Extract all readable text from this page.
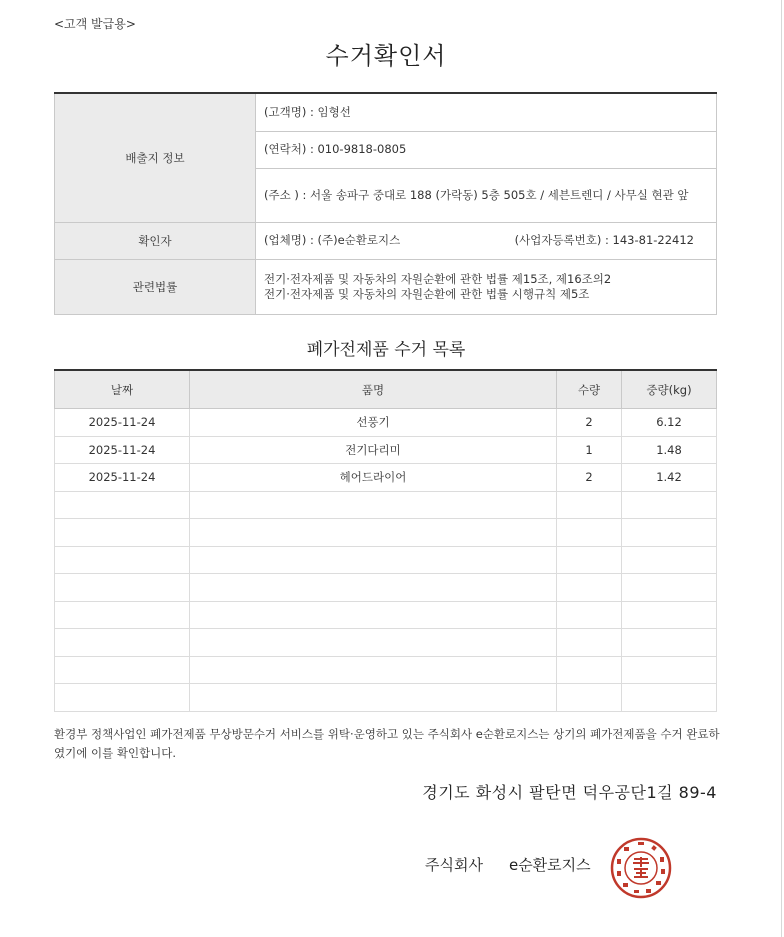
<고객 발급용>
수거확인서
배출지 정보	(고객명) : 임형선
	(연락처) : 010-9818-0805
	(주소 ) : 서울 송파구 중대로 188 (가락동) 5층 505호 / 세븐트렌디 / 사무실 현관 앞
확인자	(업체명) : (주)e순환로지스 (사업자등록번호) : 143-81-22412

관련법률	전기·전자제품 및 자동차의 자원순환에 관한 법률 제15조, 제16조의2
전기·전자제품 및 자동차의 자원순환에 관한 법률 시행규칙 제5조
폐가전제품 수거 목록
날짜	품명	수량	중량(kg)
2025-11-24	선풍기	2	6.12
2025-11-24	전기다리미	1	1.48
2025-11-24	헤어드라이어	2	1.42

환경부 정책사업인 폐가전제품 무상방문수거 서비스를 위탁·운영하고 있는 주식회사 e순환로지스는 상기의 폐가전제품을 수거 완료하였기에 이를 확인합니다.
경기도 화성시 팔탄면 덕우공단1길 89-4
주식회사 e순환로지스
